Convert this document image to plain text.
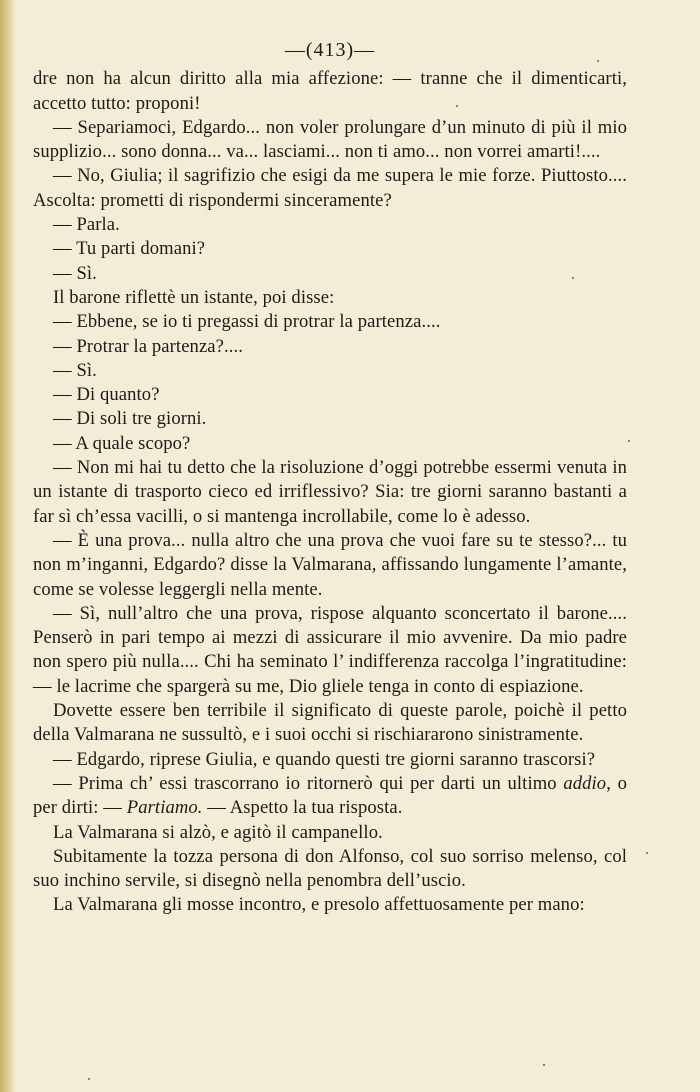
—(413)—

dre non ha alcun diritto alla mia affezione: — tranne che il dimenticarti, accetto tutto: proponi!

— Separiamoci, Edgardo... non voler prolungare d’un minuto di più il mio supplizio... sono donna... va... lasciami... non ti amo... non vorrei amarti!....

— No, Giulia; il sagrifizio che esigi da me supera le mie forze. Piuttosto.... Ascolta: prometti di rispondermi sinceramente?

— Parla.

— Tu parti domani?

— Sì.

Il barone riflettè un istante, poi disse:

— Ebbene, se io ti pregassi di protrar la partenza....

— Protrar la partenza?....

— Sì.

— Di quanto?

— Di soli tre giorni.

— A quale scopo?

— Non mi hai tu detto che la risoluzione d’oggi potrebbe essermi venuta in un istante di trasporto cieco ed irriflessivo? Sia: tre giorni saranno bastanti a far sì ch’essa vacilli, o si mantenga incrollabile, come lo è adesso.

— È una prova... nulla altro che una prova che vuoi fare su te stesso?... tu non m’inganni, Edgardo? disse la Valmarana, affissando lungamente l’amante, come se volesse leggergli nella mente.

— Sì, null’altro che una prova, rispose alquanto sconcertato il barone.... Penserò in pari tempo ai mezzi di assicurare il mio avvenire. Da mio padre non spero più nulla.... Chi ha seminato l’ indifferenza raccolga l’ingratitudine: — le lacrime che spargerà su me, Dio gliele tenga in conto di espiazione.

Dovette essere ben terribile il significato di queste parole, poichè il petto della Valmarana ne sussultò, e i suoi occhi si rischiararono sinistramente.

— Edgardo, riprese Giulia, e quando questi tre giorni saranno trascorsi?

— Prima ch’ essi trascorrano io ritornerò qui per darti un ultimo addio, o per dirti: — Partiamo. — Aspetto la tua risposta.

La Valmarana si alzò, e agitò il campanello.

Subitamente la tozza persona di don Alfonso, col suo sorriso melenso, col suo inchino servile, si disegnò nella penombra dell’uscio.

La Valmarana gli mosse incontro, e presolo affettuosamente per mano:
